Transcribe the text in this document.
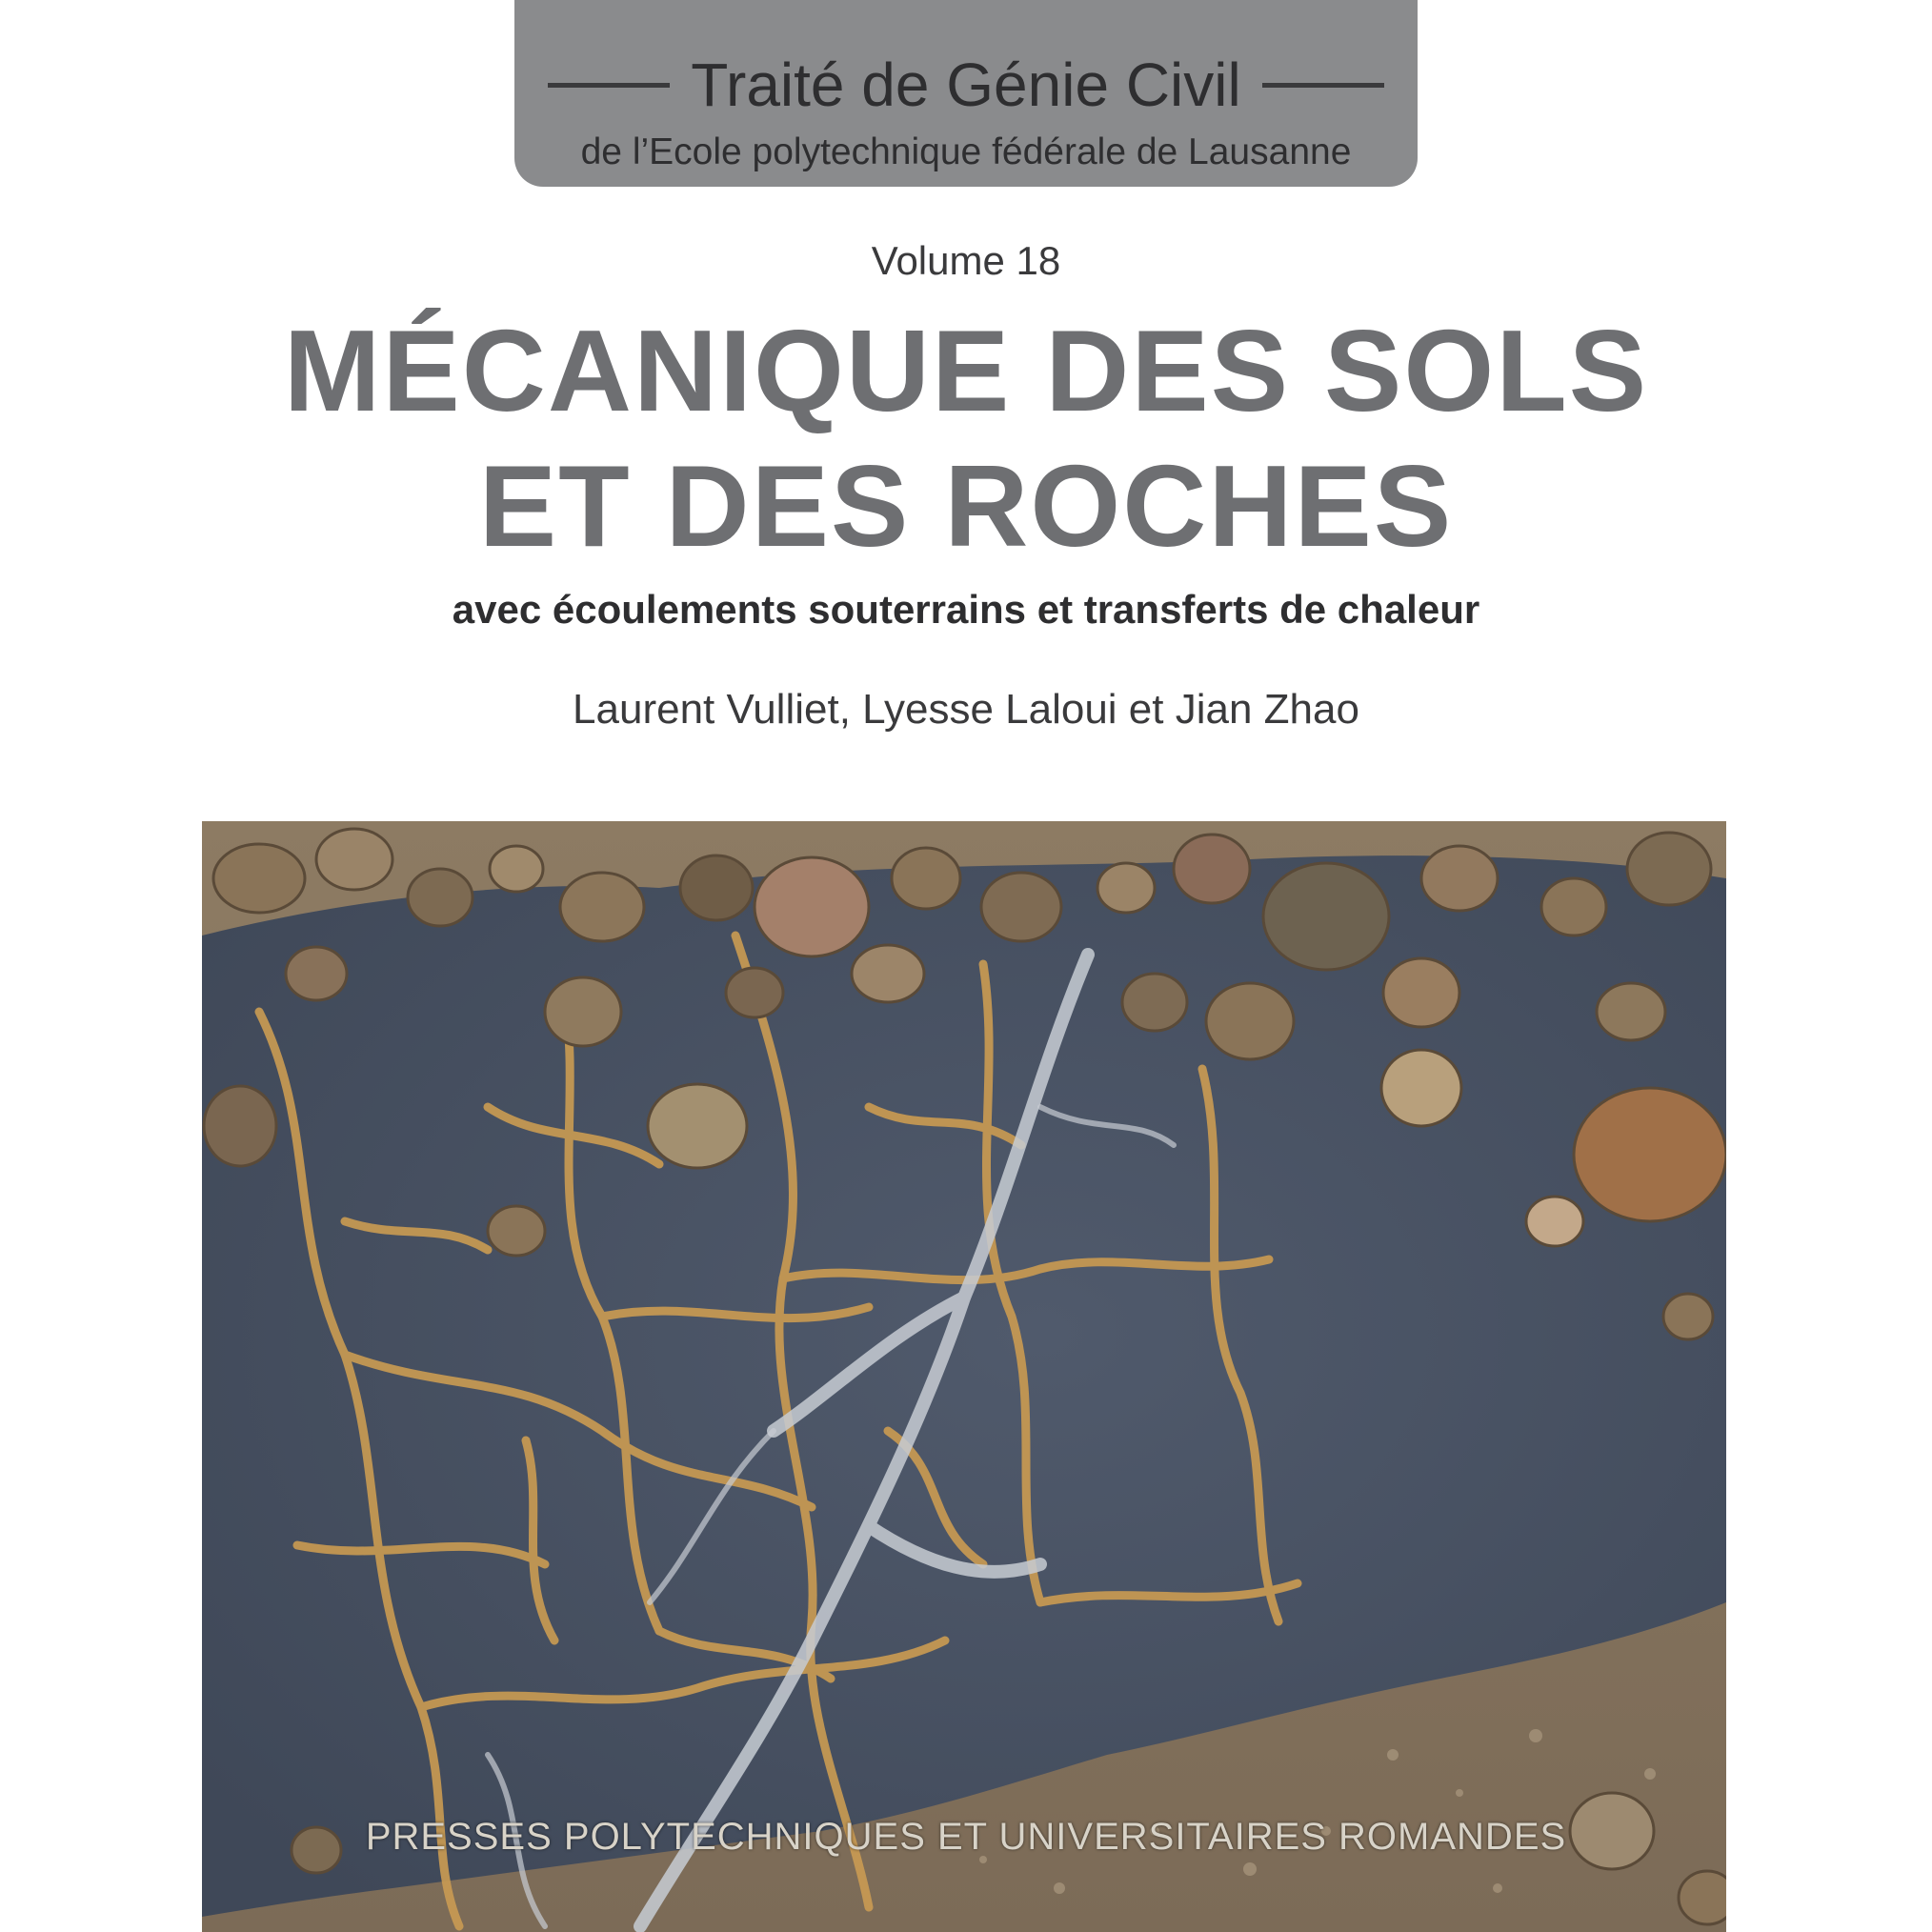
Traité de Génie Civil
de l’Ecole polytechnique fédérale de Lausanne
Volume 18
MÉCANIQUE DES SOLS
ET DES ROCHES
avec écoulements souterrains et transferts de chaleur
Laurent Vulliet, Lyesse Laloui et Jian Zhao
PRESSES POLYTECHNIQUES ET UNIVERSITAIRES ROMANDES
